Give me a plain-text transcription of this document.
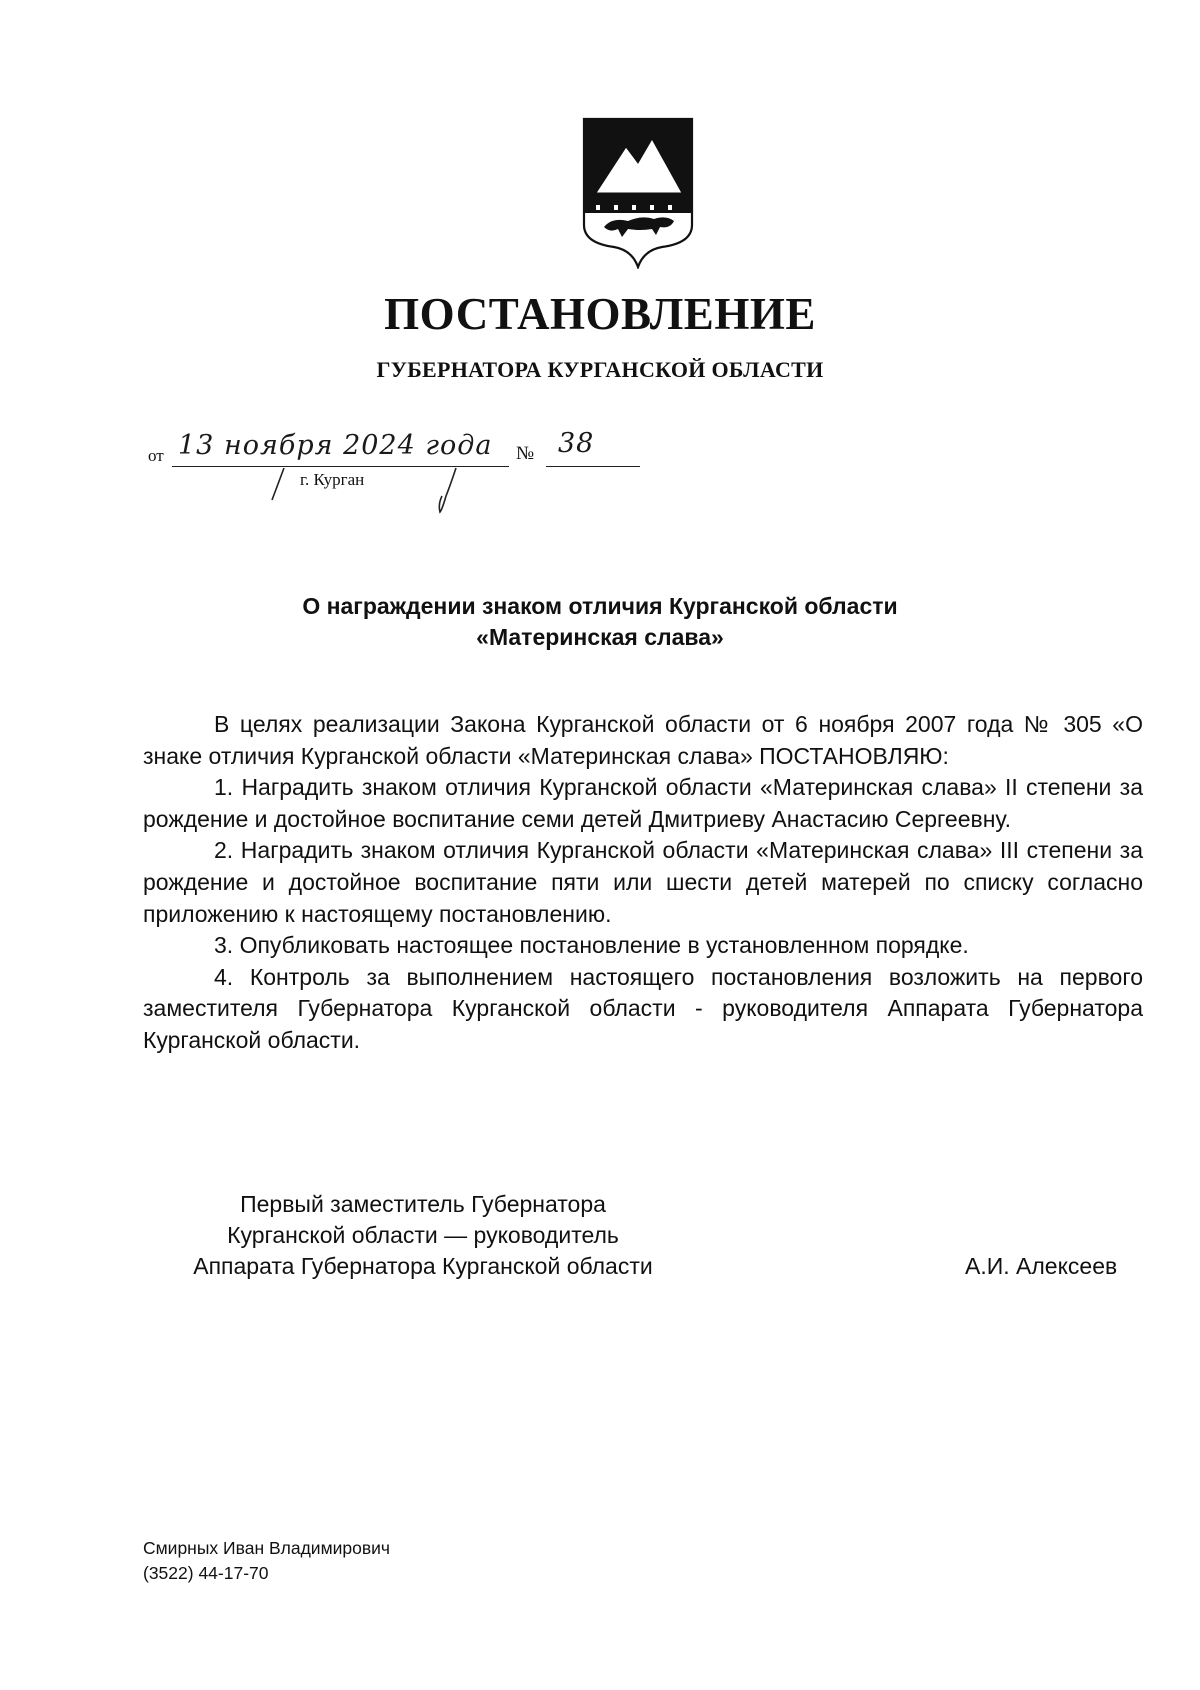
ПОСТАНОВЛЕНИЕ
ГУБЕРНАТОРА КУРГАНСКОЙ ОБЛАСТИ
от 13 ноября 2024 года № 38
г. Курган
О награждении знаком отличия Курганской области
«Материнская слава»

В целях реализации Закона Курганской области от 6 ноября 2007 года № 305 «О знаке отличия Курганской области «Материнская слава» ПОСТАНОВЛЯЮ:

1. Наградить знаком отличия Курганской области «Материнская слава» II степени за рождение и достойное воспитание семи детей Дмитриеву Анастасию Сергеевну.

2. Наградить знаком отличия Курганской области «Материнская слава» III степени за рождение и достойное воспитание пяти или шести детей матерей по списку согласно приложению к настоящему постановлению.

3. Опубликовать настоящее постановление в установленном порядке.

4. Контроль за выполнением настоящего постановления возложить на первого заместителя Губернатора Курганской области - руководителя Аппарата Губернатора Курганской области.

Первый заместитель Губернатора
Курганской области — руководитель
Аппарата Губернатора Курганской области	А.И. Алексеев
Смирных Иван Владимирович
(3522) 44-17-70
